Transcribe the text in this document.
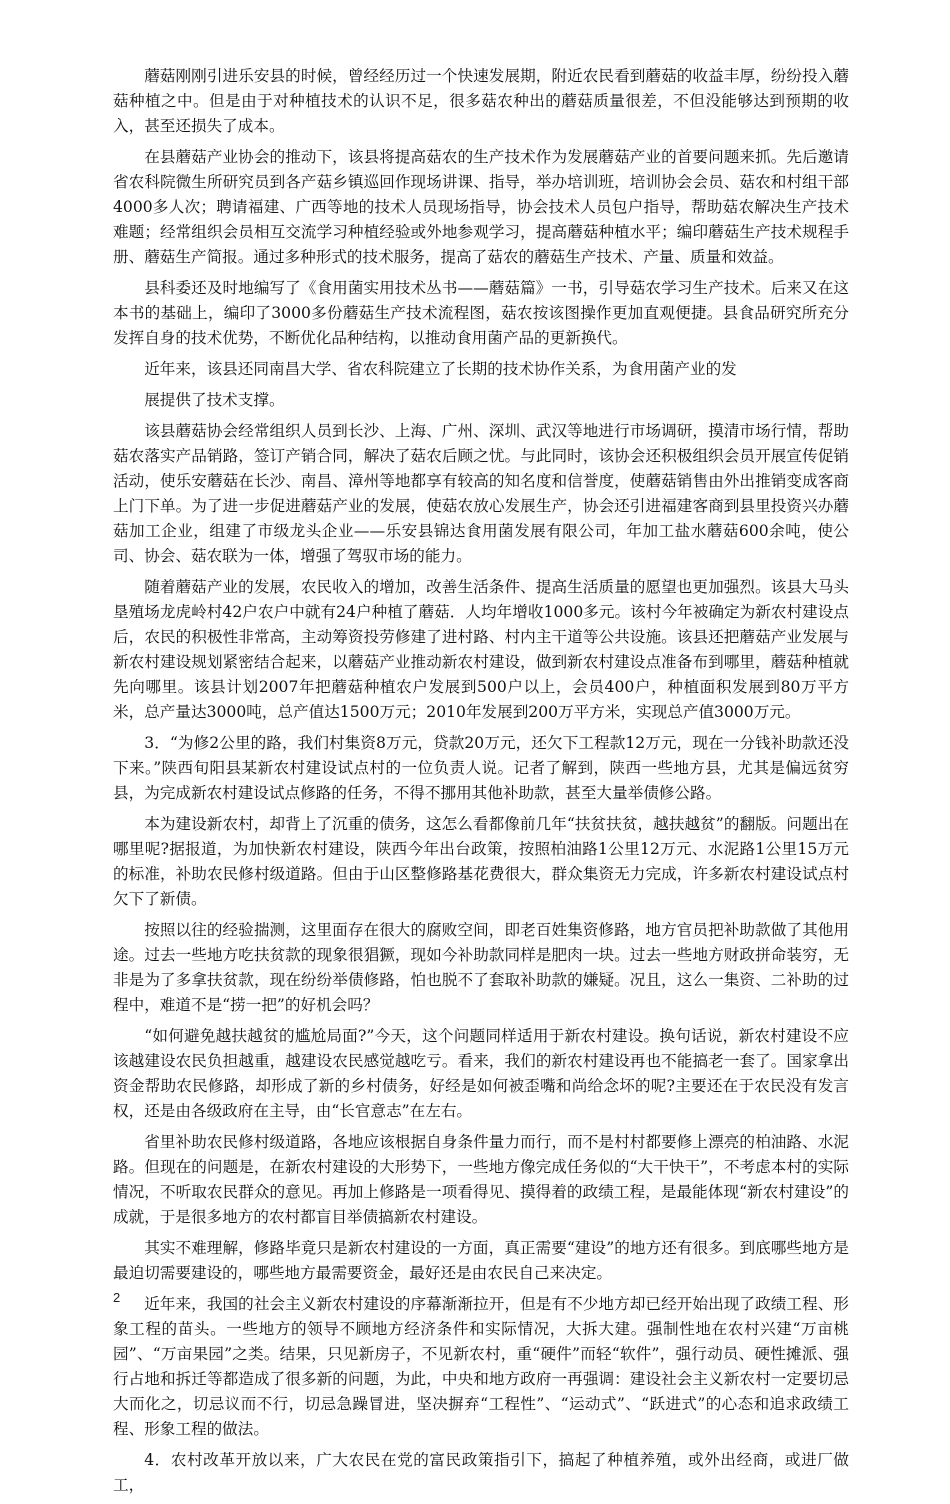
蘑菇刚刚引进乐安县的时候，曾经经历过一个快速发展期，附近农民看到蘑菇的收益丰厚，纷纷投入蘑菇种植之中。但是由于对种植技术的认识不足，很多菇农种出的蘑菇质量很差，不但没能够达到预期的收入，甚至还损失了成本。

在县蘑菇产业协会的推动下，该县将提高菇农的生产技术作为发展蘑菇产业的首要问题来抓。先后邀请省农科院微生所研究员到各产菇乡镇巡回作现场讲课、指导，举办培训班，培训协会会员、菇农和村组干部4000多人次；聘请福建、广西等地的技术人员现场指导，协会技术人员包户指导，帮助菇农解决生产技术难题；经常组织会员相互交流学习种植经验或外地参观学习，提高蘑菇种植水平；编印蘑菇生产技术规程手册、蘑菇生产简报。通过多种形式的技术服务，提高了菇农的蘑菇生产技术、产量、质量和效益。

县科委还及时地编写了《食用菌实用技术丛书——蘑菇篇》一书，引导菇农学习生产技术。后来又在这本书的基础上，编印了3000多份蘑菇生产技术流程图，菇农按该图操作更加直观便捷。县食品研究所充分发挥自身的技术优势，不断优化品种结构，以推动食用菌产品的更新换代。

近年来，该县还同南昌大学、省农科院建立了长期的技术协作关系，为食用菌产业的发

展提供了技术支撑。

该县蘑菇协会经常组织人员到长沙、上海、广州、深圳、武汉等地进行市场调研，摸清市场行情，帮助菇农落实产品销路，签订产销合同，解决了菇农后顾之忧。与此同时，该协会还积极组织会员开展宣传促销活动，使乐安蘑菇在长沙、南昌、漳州等地都享有较高的知名度和信誉度，使蘑菇销售由外出推销变成客商上门下单。为了进一步促进蘑菇产业的发展，使菇农放心发展生产，协会还引进福建客商到县里投资兴办蘑菇加工企业，组建了市级龙头企业——乐安县锦达食用菌发展有限公司，年加工盐水蘑菇600余吨，使公司、协会、菇农联为一体，增强了驾驭市场的能力。

随着蘑菇产业的发展，农民收入的增加，改善生活条件、提高生活质量的愿望也更加强烈。该县大马头垦殖场龙虎岭村42户农户中就有24户种植了蘑菇．人均年增收1000多元。该村今年被确定为新农村建设点后，农民的积极性非常高，主动筹资投劳修建了进村路、村内主干道等公共设施。该县还把蘑菇产业发展与新农村建设规划紧密结合起来，以蘑菇产业推动新农村建设，做到新农村建设点准备布到哪里，蘑菇种植就先向哪里。该县计划2007年把蘑菇种植农户发展到500户以上，会员400户，种植面积发展到80万平方米，总产量达3000吨，总产值达1500万元；2010年发展到200万平方米，实现总产值3000万元。

3．“为修2公里的路，我们村集资8万元，贷款20万元，还欠下工程款12万元，现在一分钱补助款还没下来。”陕西旬阳县某新农村建设试点村的一位负责人说。记者了解到，陕西一些地方县，尤其是偏远贫穷县，为完成新农村建设试点修路的任务，不得不挪用其他补助款，甚至大量举债修公路。

本为建设新农村，却背上了沉重的债务，这怎么看都像前几年“扶贫扶贫，越扶越贫”的翻版。问题出在哪里呢?据报道，为加快新农村建设，陕西今年出台政策，按照柏油路1公里12万元、水泥路1公里15万元的标准，补助农民修村级道路。但由于山区整修路基花费很大，群众集资无力完成，许多新农村建设试点村欠下了新债。

按照以往的经验揣测，这里面存在很大的腐败空间，即老百姓集资修路，地方官员把补助款做了其他用途。过去一些地方吃扶贫款的现象很猖獗，现如今补助款同样是肥肉一块。过去一些地方财政拼命装穷，无非是为了多拿扶贫款，现在纷纷举债修路，怕也脱不了套取补助款的嫌疑。况且，这么一集资、二补助的过程中，难道不是“捞一把”的好机会吗？

“如何避免越扶越贫的尴尬局面?”今天，这个问题同样适用于新农村建设。换句话说，新农村建设不应该越建设农民负担越重，越建设农民感觉越吃亏。看来，我们的新农村建设再也不能搞老一套了。国家拿出资金帮助农民修路，却形成了新的乡村债务，好经是如何被歪嘴和尚给念坏的呢?主要还在于农民没有发言权，还是由各级政府在主导，由“长官意志”在左右。

省里补助农民修村级道路，各地应该根据自身条件量力而行，而不是村村都要修上漂亮的柏油路、水泥路。但现在的问题是，在新农村建设的大形势下，一些地方像完成任务似的“大干快干”，不考虑本村的实际情况，不听取农民群众的意见。再加上修路是一项看得见、摸得着的政绩工程，是最能体现“新农村建设”的成就，于是很多地方的农村都盲目举债搞新农村建设。

其实不难理解，修路毕竟只是新农村建设的一方面，真正需要“建设”的地方还有很多。到底哪些地方是最迫切需要建设的，哪些地方最需要资金，最好还是由农民自己来决定。

近年来，我国的社会主义新农村建设的序幕渐渐拉开，但是有不少地方却已经开始出现了政绩工程、形象工程的苗头。一些地方的领导不顾地方经济条件和实际情况，大拆大建。强制性地在农村兴建“万亩桃园”、“万亩果园”之类。结果，只见新房子，不见新农村，重“硬件”而轻“软件”，强行动员、硬性摊派、强行占地和拆迁等都造成了很多新的问题，为此，中央和地方政府一再强调：建设社会主义新农村一定要切忌大而化之，切忌议而不行，切忌急躁冒进，坚决摒弃“工程性”、“运动式”、“跃进式”的心态和追求政绩工程、形象工程的做法。

4．农村改革开放以来，广大农民在党的富民政策指引下，搞起了种植养殖，或外出经商，或进厂做工，

2
